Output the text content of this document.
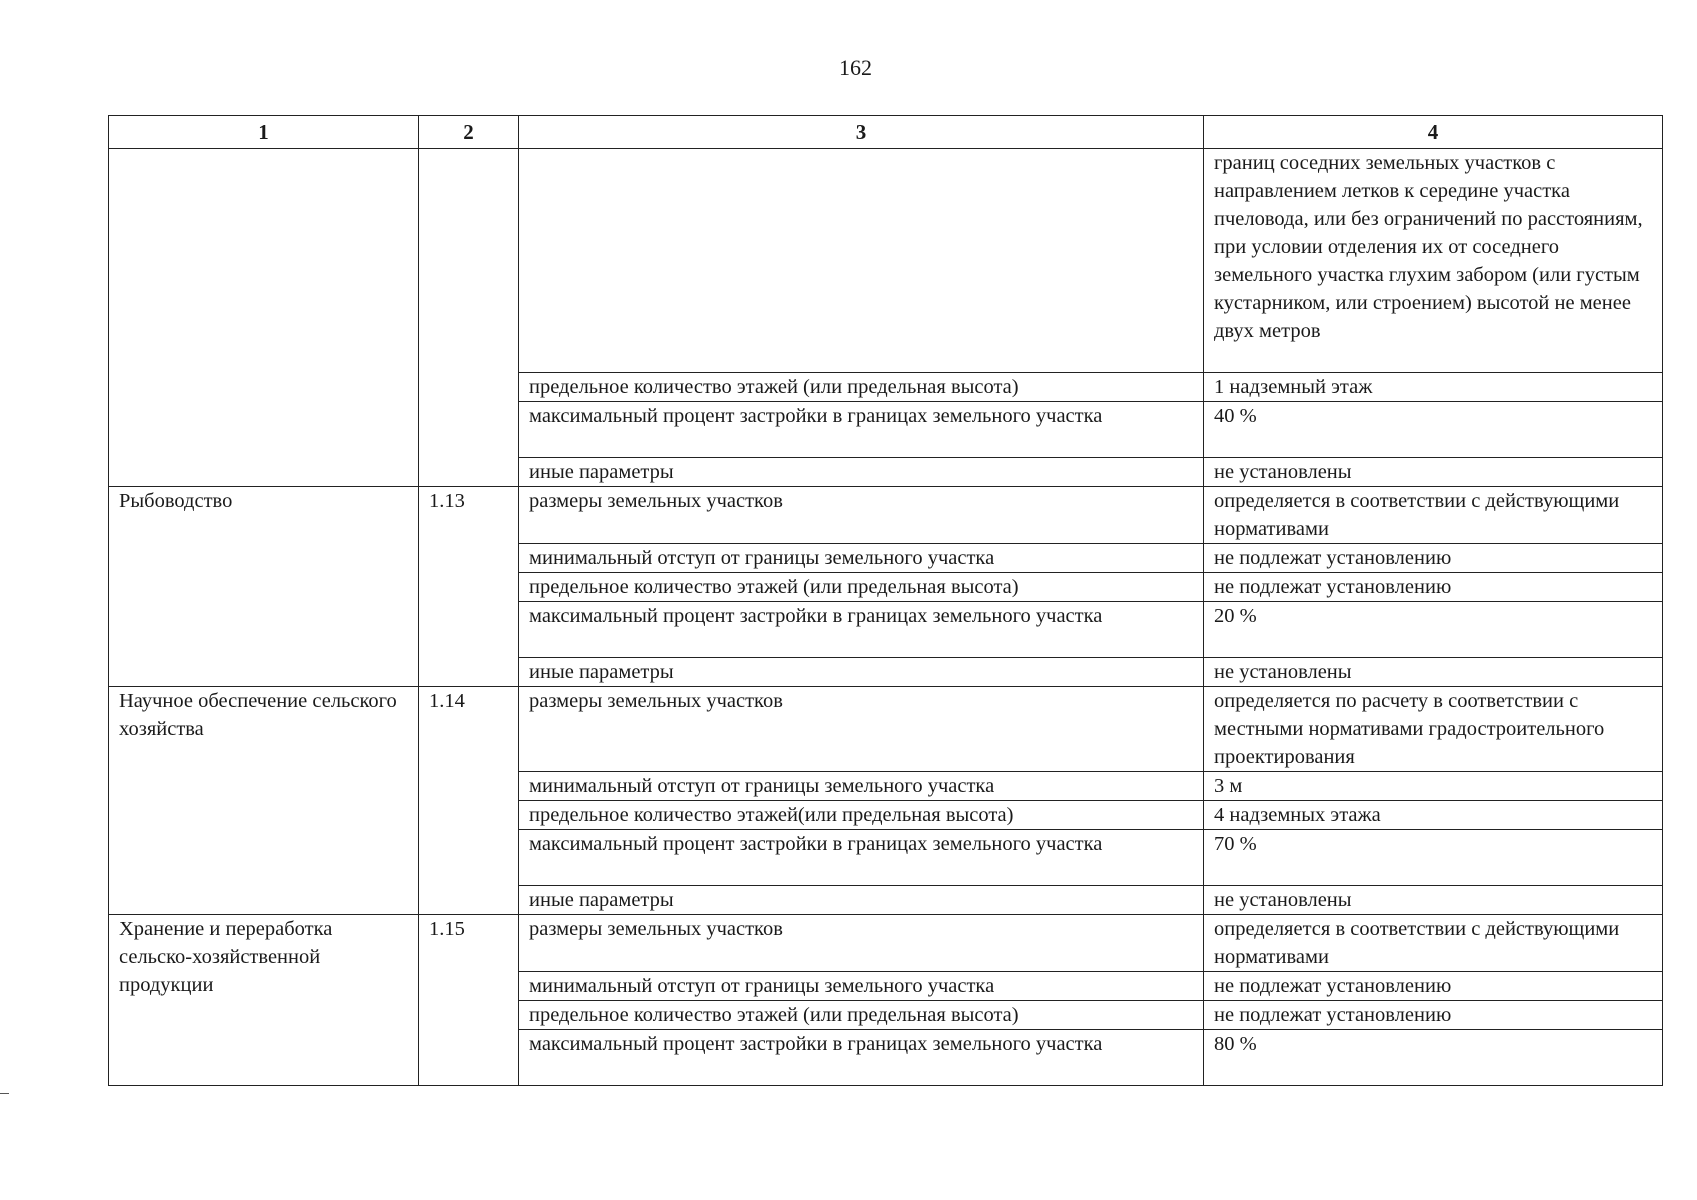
162
1	2	3	4
			границ соседних земельных участков с направлением летков к середине участка пчеловода, или без ограничений по расстояниям, при условии отделения их от соседнего земельного участка глухим забором (или густым кустарником, или строением) высотой не менее двух метров
		предельное количество этажей (или предельная высота)	1 надземный этаж
		максимальный процент застройки в границах земельного участка	40 %
		иные параметры	не установлены
Рыбоводство	1.13	размеры земельных участков	определяется в соответствии с действующими нормативами
		минимальный отступ от границы земельного участка	не подлежат установлению
		предельное количество этажей (или предельная высота)	не подлежат установлению
		максимальный процент застройки в границах земельного участка	20 %
		иные параметры	не установлены
Научное обеспечение сельского хозяйства	1.14	размеры земельных участков	определяется по расчету в соответствии с местными нормативами градостроительного проектирования
		минимальный отступ от границы земельного участка	3 м
		предельное количество этажей(или предельная высота)	4 надземных этажа
		максимальный процент застройки в границах земельного участка	70 %
		иные параметры	не установлены
Хранение и переработка сельско-хозяйственной продукции	1.15	размеры земельных участков	определяется в соответствии с действующими нормативами
		минимальный отступ от границы земельного участка	не подлежат установлению
		предельное количество этажей (или предельная высота)	не подлежат установлению
		максимальный процент застройки в границах земельного участка	80 %
